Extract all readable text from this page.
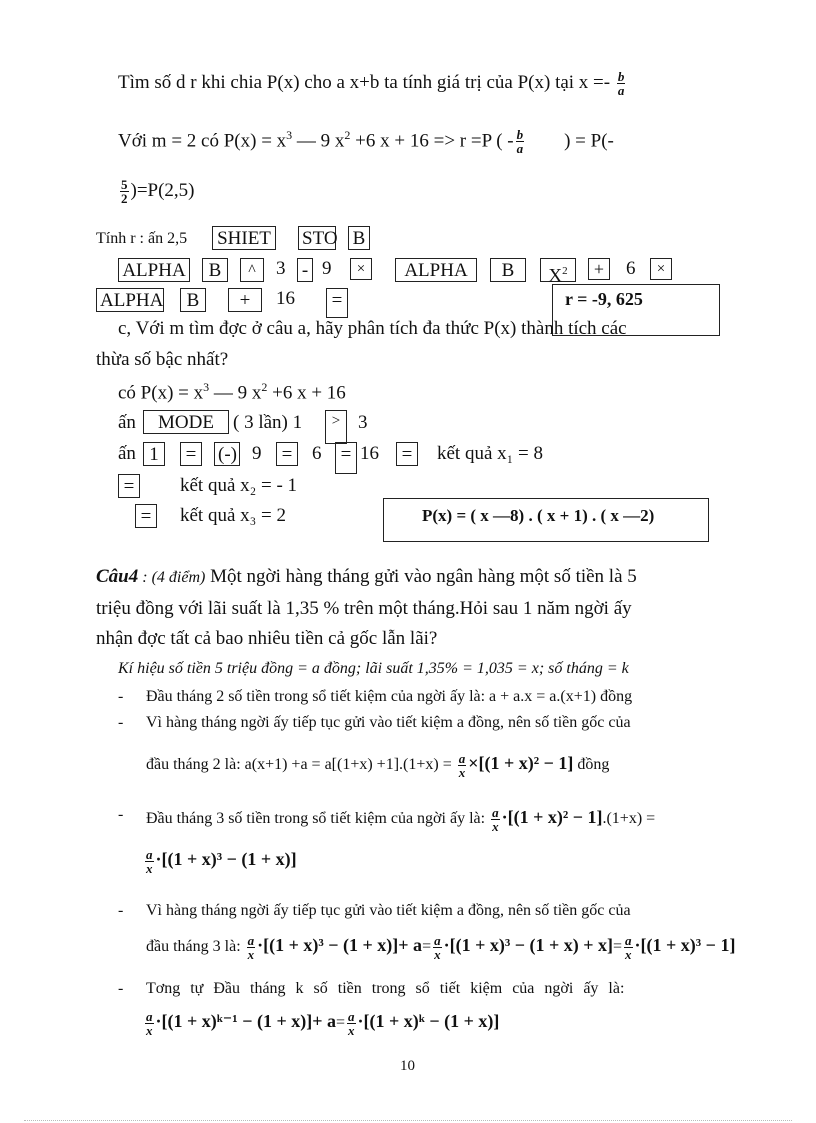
Tìm số d r khi chia P(x) cho a x+b ta tính giá trị của P(x) tại $x =- \frac{b}{a}$
Với m = 2 có $P(x) = x^3$ — 9 $x^2 +6$ x + 16 => r =P ( - $\frac{b}{a}$ ) = P(-
$\frac{5}{2} )=P(2,5)$
Tính r : ấn 2,5 SHIET STO B
ALPHA	B	^	3 - 9	×	ALPHA	B	$X^2$	+	6	×
ALPHA	B	+	16 =	r = -9, 625
c, Với m tìm đợc ở câu a, hãy phân tích đa thức P(x) thành tích các
thừa số bậc nhất?
có $P(x) = x^3$ — 9 $x^2 +6$ x + 16
ấn	MODE	( 3 lần) 1	> 3
ấn 1	= (-) 9 = 6 = 16 = kết quả x₁ = 8
= kết quả x₂ = - 1
= kết quả x₃ = 2	P(x) = ( x —8) . ( x + 1) . ( x —2)
Câu4 : (4 điểm) Một ngời hàng tháng gửi vào ngân hàng một số tiền là 5
triệu đồng với lãi suất là 1,35 % trên một tháng.Hỏi sau 1 năm ngời ấy
nhận đợc tất cả bao nhiêu tiền cả gốc lẫn lãi?
Kí hiệu số tiền 5 triệu đồng = a đồng; lãi suất 1,35% = 1,035 = x; số tháng = k
- Đầu tháng 2 số tiền trong sổ tiết kiệm của ngời ấy là: a + a.x = a.(x+1) đồng
- Vì hàng tháng ngời ấy tiếp tục gửi vào tiết kiệm a đồng, nên số tiền gốc của
đầu tháng 2 là: $a(x+1) +a = a[(1+x) +1].(1+x) = \frac{a}{x} \times[(1 + x)^2 - 1]$ đồng
- Đầu tháng 3 số tiền trong sổ tiết kiệm của ngời ấy là: $\frac{a}{x} \cdot[(1 + x)^2 - 1].(1+x)$ =
$\frac{a}{x} \cdot[(1 + x)^3 - (1 + x)]$
- Vì hàng tháng ngời ấy tiếp tục gửi vào tiết kiệm a đồng, nên số tiền gốc của
đầu tháng 3 là: $\frac{a}{x} \cdot[(1 + x)^3 - (1 + x)]+ a= \frac{a}{x} \cdot[(1 + x)^3 - (1 + x) + x]= \frac{a}{x} \cdot[(1 + x)^3 - 1]$
- Tơng tự Đầu tháng k số tiền trong sổ tiết kiệm của ngời ấy là:
$\frac{a}{x} \cdot[(1$ + x)ᵏ⁻¹ − $(1 + x)]+ a= \frac{a}{x} \cdot[(1$ + x)ᵏ − (1 + x)]
10
